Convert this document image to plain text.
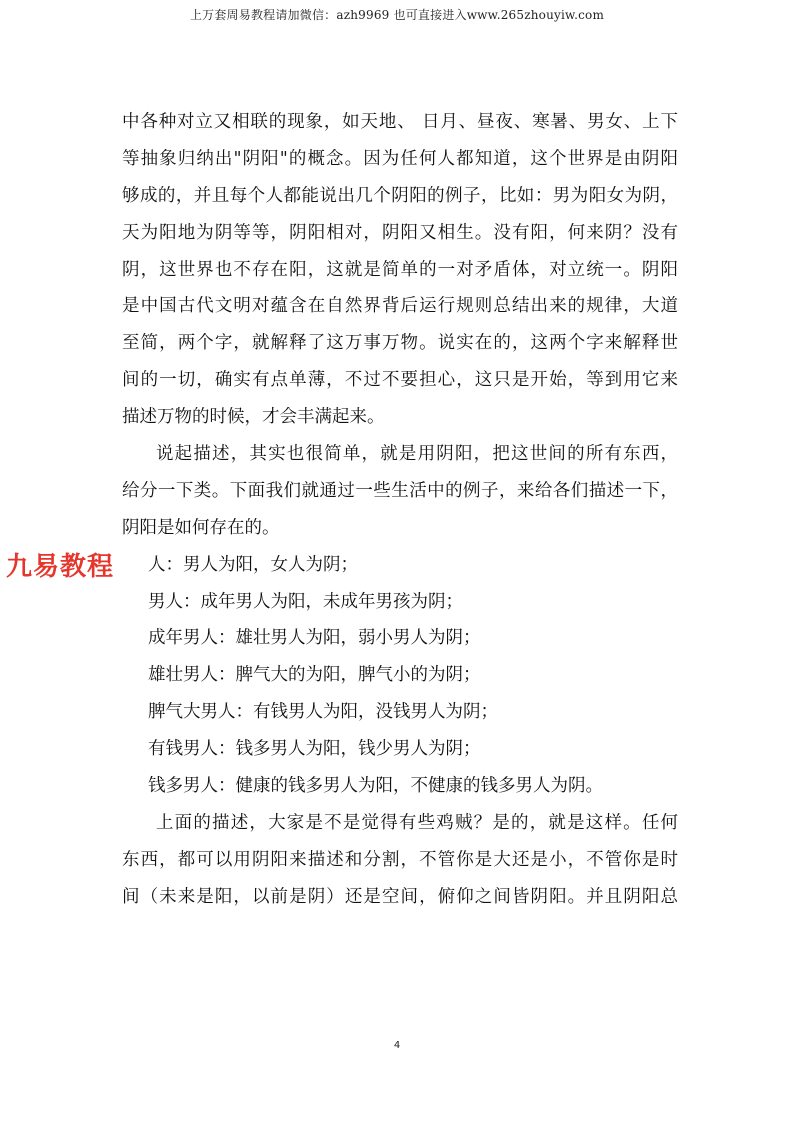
上万套周易教程请加微信：azh9969 也可直接进入www.265zhouyiw.com
中各种对立又相联的现象，如天地、 日月、昼夜、寒暑、男女、上下
等抽象归纳出"阴阳"的概念。因为任何人都知道，这个世界是由阴阳
够成的，并且每个人都能说出几个阴阳的例子，比如：男为阳女为阴，
天为阳地为阴等等，阴阳相对，阴阳又相生。没有阳，何来阴？没有
阴，这世界也不存在阳，这就是简单的一对矛盾体，对立统一。阴阳
是中国古代文明对蕴含在自然界背后运行规则总结出来的规律，大道
至简，两个字，就解释了这万事万物。说实在的，这两个字来解释世
间的一切，确实有点单薄，不过不要担心，这只是开始，等到用它来
描述万物的时候，才会丰满起来。
说起描述，其实也很简单，就是用阴阳，把这世间的所有东西，
给分一下类。下面我们就通过一些生活中的例子，来给各们描述一下，
阴阳是如何存在的。
人：男人为阳，女人为阴；
男人：成年男人为阳，未成年男孩为阴；
成年男人：雄壮男人为阳，弱小男人为阴；
雄壮男人：脾气大的为阳，脾气小的为阴；
脾气大男人：有钱男人为阳，没钱男人为阴；
有钱男人：钱多男人为阳，钱少男人为阴；
钱多男人：健康的钱多男人为阳，不健康的钱多男人为阴。
上面的描述，大家是不是觉得有些鸡贼？是的，就是这样。任何
东西，都可以用阴阳来描述和分割，不管你是大还是小，不管你是时
间（未来是阳，以前是阴）还是空间，俯仰之间皆阴阳。并且阴阳总
九易教程
4
